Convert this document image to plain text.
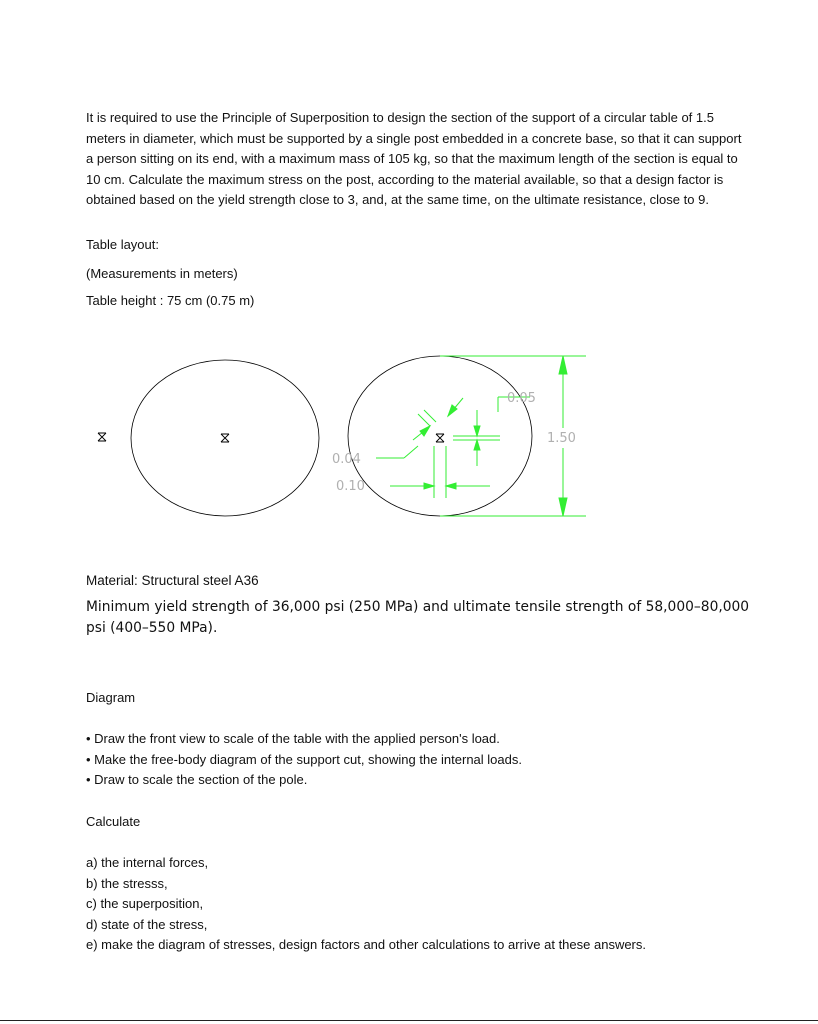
It is required to use the Principle of Superposition to design the section of the support of a circular table of 1.5 meters in diameter, which must be supported by a single post embedded in a concrete base, so that it can support a person sitting on its end, with a maximum mass of 105 kg, so that the maximum length of the section is equal to 10 cm. Calculate the maximum stress on the post, according to the material available, so that a design factor is obtained based on the yield strength close to 3, and, at the same time, on the ultimate resistance, close to 9.
Table layout:
(Measurements in meters)
Table height : 75 cm (0.75 m)
0.05
1.50
0.04
0.10
Material: Structural steel A36
Minimum yield strength of 36,000 psi (250 MPa) and ultimate tensile strength of 58,000–80,000 psi (400–550 MPa).
Diagram
• Draw the front view to scale of the table with the applied person's load.
• Make the free-body diagram of the support cut, showing the internal loads.
• Draw to scale the section of the pole.
Calculate
a) the internal forces,
b) the stresss,
c) the superposition,
d) state of the stress,
e) make the diagram of stresses, design factors and other calculations to arrive at these answers.
